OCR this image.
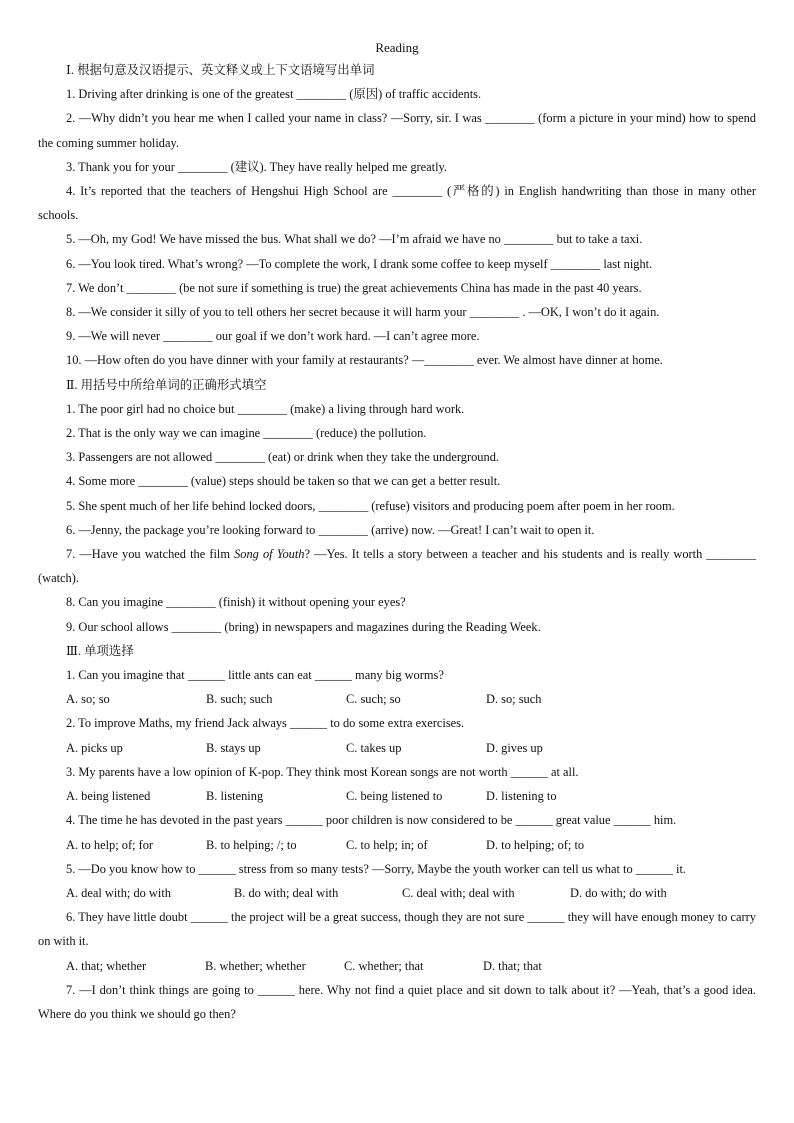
Reading

Ⅰ. 根据句意及汉语提示、英文释义或上下文语境写出单词

1. Driving after drinking is one of the greatest ________ (原因) of traffic accidents.

2. —Why didn’t you hear me when I called your name in class? —Sorry, sir. I was ________ (form a picture in your mind) how to spend the coming summer holiday.

3. Thank you for your ________ (建议). They have really helped me greatly.

4. It’s reported that the teachers of Hengshui High School are ________ (严格的) in English handwriting than those in many other schools.

5. —Oh, my God! We have missed the bus. What shall we do? —I’m afraid we have no ________ but to take a taxi.

6. —You look tired. What’s wrong? —To complete the work, I drank some coffee to keep myself ________ last night.

7. We don’t ________ (be not sure if something is true) the great achievements China has made in the past 40 years.

8. —We consider it silly of you to tell others her secret because it will harm your ________ . —OK, I won’t do it again.

9. —We will never ________ our goal if we don’t work hard. —I can’t agree more.

10. —How often do you have dinner with your family at restaurants? —________ ever. We almost have dinner at home.

Ⅱ. 用括号中所给单词的正确形式填空

1. The poor girl had no choice but ________ (make) a living through hard work.

2. That is the only way we can imagine ________ (reduce) the pollution.

3. Passengers are not allowed ________ (eat) or drink when they take the underground.

4. Some more ________ (value) steps should be taken so that we can get a better result.

5. She spent much of her life behind locked doors, ________ (refuse) visitors and producing poem after poem in her room.

6. —Jenny, the package you’re looking forward to ________ (arrive) now. —Great! I can’t wait to open it.

7. —Have you watched the film Song of Youth? —Yes. It tells a story between a teacher and his students and is really worth ________ (watch).

8. Can you imagine ________ (finish) it without opening your eyes?

9. Our school allows ________ (bring) in newspapers and magazines during the Reading Week.

Ⅲ. 单项选择

1. Can you imagine that ______ little ants can eat ______ many big worms?

A. so; so	B. such; such	C. such; so	D. so; such

2. To improve Maths, my friend Jack always ______ to do some extra exercises.

A. picks up	B. stays up	C. takes up	D. gives up

3. My parents have a low opinion of K-pop. They think most Korean songs are not worth ______ at all.

A. being listened	B. listening	C. being listened to	D. listening to

4. The time he has devoted in the past years ______ poor children is now considered to be ______ great value ______ him.

A. to help; of; for	B. to helping; /; to	C. to help; in; of	D. to helping; of; to

5. —Do you know how to ______ stress from so many tests? —Sorry, Maybe the youth worker can tell us what to ______ it.

A. deal with; do with	B. do with; deal with	C. deal with; deal with	D. do with; do with

6. They have little doubt ______ the project will be a great success, though they are not sure ______ they will have enough money to carry on with it.

A. that; whether	B. whether; whether	C. whether; that	D. that; that

7. —I don’t think things are going to ______ here. Why not find a quiet place and sit down to talk about it? —Yeah, that’s a good idea. Where do you think we should go then?
